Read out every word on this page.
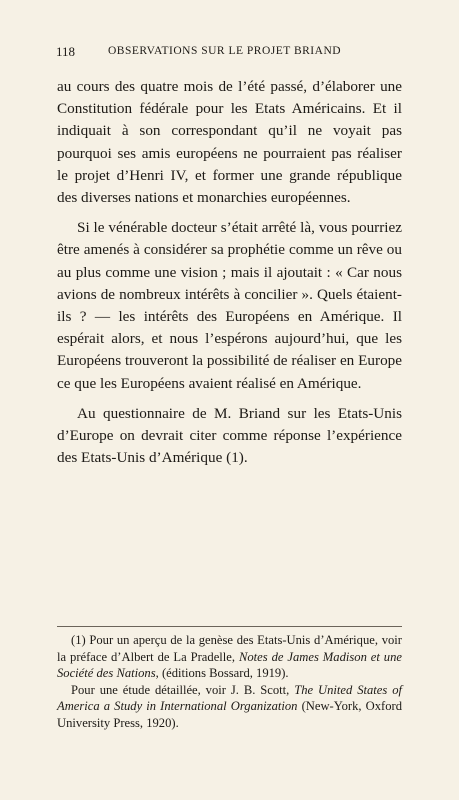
118	OBSERVATIONS SUR LE PROJET BRIAND

au cours des quatre mois de l’été passé, d’élaborer une Constitution fédérale pour les Etats Américains. Et il indiquait à son correspondant qu’il ne voyait pas pourquoi ses amis européens ne pourraient pas réaliser le projet d’Henri IV, et former une grande république des diverses nations et monarchies européennes.

Si le vénérable docteur s’était arrêté là, vous pourriez être amenés à considérer sa prophétie comme un rêve ou au plus comme une vision ; mais il ajoutait : « Car nous avions de nombreux intérêts à concilier ». Quels étaient-ils ? — les intérêts des Européens en Amérique. Il espérait alors, et nous l’espérons aujourd’hui, que les Européens trouveront la possibilité de réaliser en Europe ce que les Européens avaient réalisé en Amérique.

Au questionnaire de M. Briand sur les Etats-Unis d’Europe on devrait citer comme réponse l’expérience des Etats-Unis d’Amérique (1).

(1) Pour un aperçu de la genèse des Etats-Unis d’Amérique, voir la préface d’Albert de La Pradelle, Notes de James Madison et une Société des Nations, (éditions Bossard, 1919).

Pour une étude détaillée, voir J. B. Scott, The United States of America a Study in International Organization (New-York, Oxford University Press, 1920).
